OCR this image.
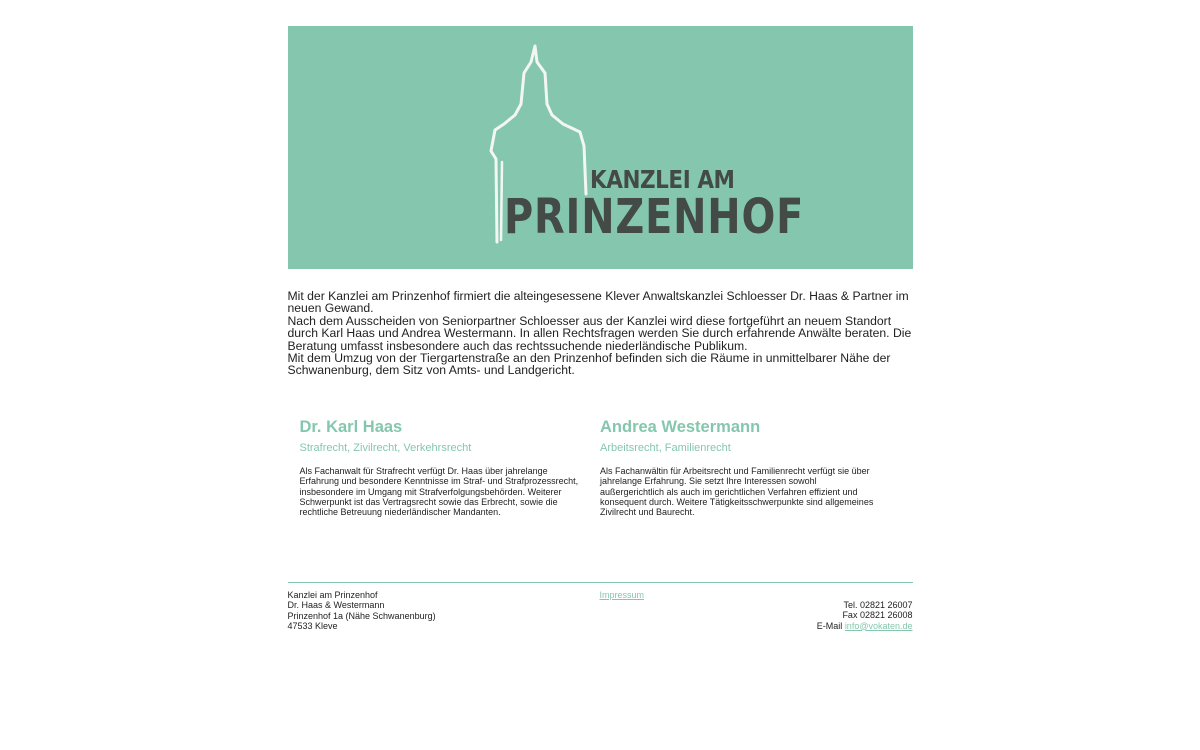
KANZLEI AM
PRINZENHOF

Mit der Kanzlei am Prinzenhof firmiert die alteingesessene Klever Anwaltskanzlei Schloesser Dr. Haas & Partner im neuen Gewand.

Nach dem Ausscheiden von Seniorpartner Schloesser aus der Kanzlei wird diese fortgeführt an neuem Standort durch Karl Haas und Andrea Westermann. In allen Rechtsfragen werden Sie durch erfahrende Anwälte beraten. Die Beratung umfasst insbesondere auch das rechtssuchende niederländische Publikum.

Mit dem Umzug von der Tiergartenstraße an den Prinzenhof befinden sich die Räume in unmittelbarer Nähe der Schwanenburg, dem Sitz von Amts- und Landgericht.

Dr. Karl Haas
Strafrecht, Zivilrecht, Verkehrsrecht
Als Fachanwalt für Strafrecht verfügt Dr. Haas über jahrelange Erfahrung und besondere Kenntnisse im Straf- und Strafprozessrecht, insbesondere im Umgang mit Strafverfolgungsbehörden. Weiterer Schwerpunkt ist das Vertragsrecht sowie das Erbrecht, sowie die rechtliche Betreuung niederländischer Mandanten.
Andrea Westermann
Arbeitsrecht, Familienrecht
Als Fachanwältin für Arbeitsrecht und Familienrecht verfügt sie über jahrelange Erfahrung. Sie setzt Ihre Interessen sowohl außergerichtlich als auch im gerichtlichen Verfahren effizient und konsequent durch. Weitere Tätigkeitsschwerpunkte sind allgemeines Zivilrecht und Baurecht.
Kanzlei am Prinzenhof
Dr. Haas & Westermann
Prinzenhof 1a (Nähe Schwanenburg)
47533 Kleve
Impressum
Tel. 02821 26007
Fax 02821 26008
E-Mail info@vokaten.de
